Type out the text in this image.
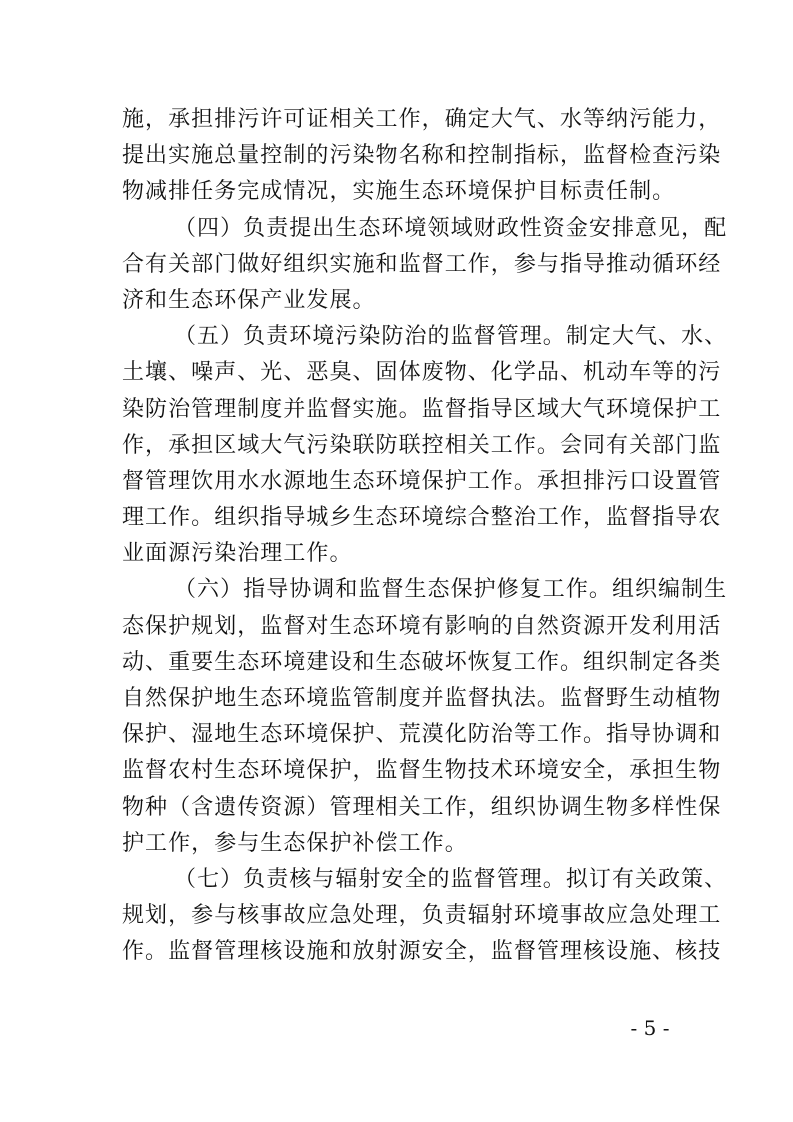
施，承担排污许可证相关工作，确定大气、水等纳污能力，
提出实施总量控制的污染物名称和控制指标，监督检查污染
物减排任务完成情况，实施生态环境保护目标责任制。
（四）负责提出生态环境领域财政性资金安排意见，配
合有关部门做好组织实施和监督工作，参与指导推动循环经
济和生态环保产业发展。
（五）负责环境污染防治的监督管理。制定大气、水、
土壤、噪声、光、恶臭、固体废物、化学品、机动车等的污
染防治管理制度并监督实施。监督指导区域大气环境保护工
作，承担区域大气污染联防联控相关工作。会同有关部门监
督管理饮用水水源地生态环境保护工作。承担排污口设置管
理工作。组织指导城乡生态环境综合整治工作，监督指导农
业面源污染治理工作。
（六）指导协调和监督生态保护修复工作。组织编制生
态保护规划，监督对生态环境有影响的自然资源开发利用活
动、重要生态环境建设和生态破坏恢复工作。组织制定各类
自然保护地生态环境监管制度并监督执法。监督野生动植物
保护、湿地生态环境保护、荒漠化防治等工作。指导协调和
监督农村生态环境保护，监督生物技术环境安全，承担生物
物种（含遗传资源）管理相关工作，组织协调生物多样性保
护工作，参与生态保护补偿工作。
（七）负责核与辐射安全的监督管理。拟订有关政策、
规划，参与核事故应急处理，负责辐射环境事故应急处理工
作。监督管理核设施和放射源安全，监督管理核设施、核技
- 5 -
